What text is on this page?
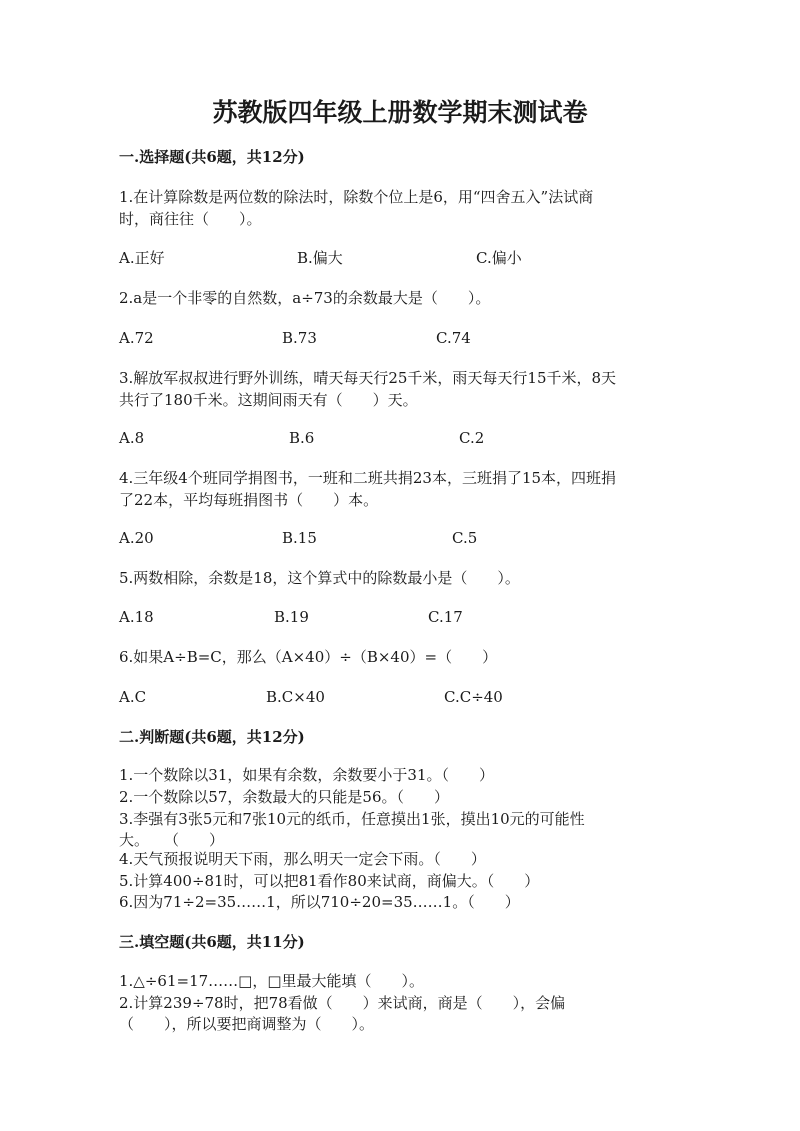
苏教版四年级上册数学期末测试卷
一.选择题(共6题，共12分)
1.在计算除数是两位数的除法时，除数个位上是6，用“四舍五入”法试商
时，商往往（　　）。
A.正好	B.偏大	C.偏小
2.a是一个非零的自然数，a÷73的余数最大是（　　）。
A.72	B.73	C.74
3.解放军叔叔进行野外训练，晴天每天行25千米，雨天每天行15千米，8天
共行了180千米。这期间雨天有（　　）天。
A.8	B.6	C.2
4.三年级4个班同学捐图书，一班和二班共捐23本，三班捐了15本，四班捐
了22本，平均每班捐图书（　　）本。
A.20	B.15	C.5
5.两数相除，余数是18，这个算式中的除数最小是（　　）。
A.18	B.19	C.17
6.如果A÷B=C，那么（A×40）÷（B×40）=（　　）
A.C	B.C×40	C.C÷40
二.判断题(共6题，共12分)
1.一个数除以31，如果有余数，余数要小于31。（　　）
2.一个数除以57，余数最大的只能是56。（　　）
3.李强有3张5元和7张10元的纸币，任意摸出1张，摸出10元的可能性
大。　　（　　）
4.天气预报说明天下雨，那么明天一定会下雨。（　　）
5.计算400÷81时，可以把81看作80来试商，商偏大。（　　）
6.因为71÷2=35……1，所以710÷20=35……1。（　　）
三.填空题(共6题，共11分)
1.△÷61=17……□，□里最大能填（　　）。
2.计算239÷78时，把78看做（　　）来试商，商是（　　），会偏
（　　），所以要把商调整为（　　）。
